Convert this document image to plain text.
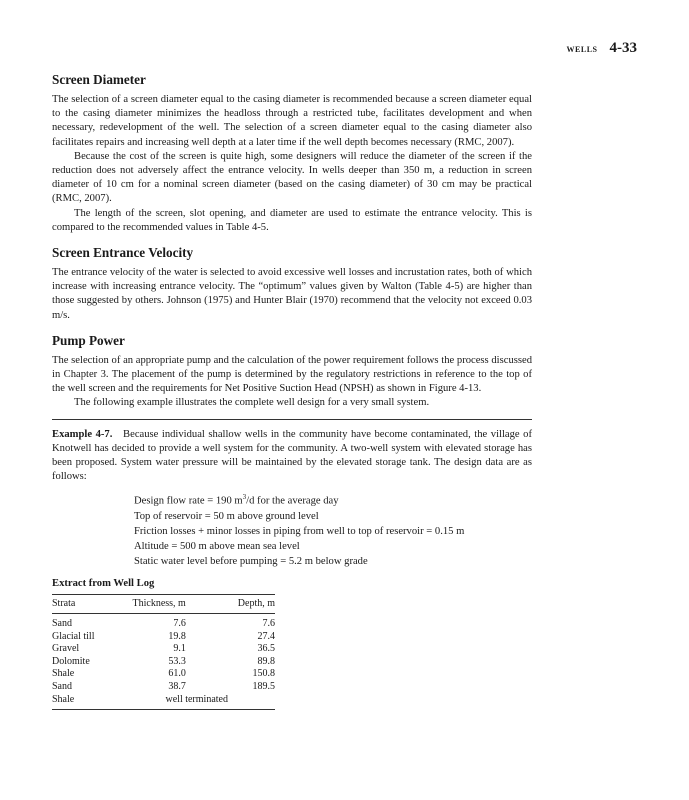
WELLS 4-33
Screen Diameter

The selection of a screen diameter equal to the casing diameter is recommended because a screen diameter equal to the casing diameter minimizes the headloss through a restricted tube, facilitates development and when necessary, redevelopment of the well. The selection of a screen diameter equal to the casing diameter also facilitates repairs and increasing well depth at a later time if the well depth becomes necessary (RMC, 2007).

Because the cost of the screen is quite high, some designers will reduce the diameter of the screen if the reduction does not adversely affect the entrance velocity. In wells deeper than 350 m, a reduction in screen diameter of 10 cm for a nominal screen diameter (based on the casing diameter) of 30 cm may be practical (RMC, 2007).

The length of the screen, slot opening, and diameter are used to estimate the entrance velocity. This is compared to the recommended values in Table 4-5.

Screen Entrance Velocity

The entrance velocity of the water is selected to avoid excessive well losses and incrustation rates, both of which increase with increasing entrance velocity. The “optimum” values given by Walton (Table 4-5) are higher than those suggested by others. Johnson (1975) and Hunter Blair (1970) recommend that the velocity not exceed 0.03 m/s.

Pump Power

The selection of an appropriate pump and the calculation of the power requirement follows the process discussed in Chapter 3. The placement of the pump is determined by the regulatory restrictions in reference to the top of the well screen and the requirements for Net Positive Suction Head (NPSH) as shown in Figure 4-13.

The following example illustrates the complete well design for a very small system.

Example 4-7. Because individual shallow wells in the community have become contaminated, the village of Knotwell has decided to provide a well system for the community. A two-well system with elevated storage has been proposed. System water pressure will be maintained by the elevated storage tank. The design data are as follows:
Design flow rate = 190 $m^3/d$ for the average day
Top of reservoir = 50 m above ground level
Friction losses + minor losses in piping from well to top of reservoir = 0.15 m
Altitude = 500 m above mean sea level
Static water level before pumping = 5.2 m below grade
Extract from Well Log
Strata	Thickness, m	Depth, m
Sand	7.6	7.6
Glacial till	19.8	27.4
Gravel	9.1	36.5
Dolomite	53.3	89.8
Shale	61.0	150.8
Sand	38.7	189.5
Shale	well terminated	
